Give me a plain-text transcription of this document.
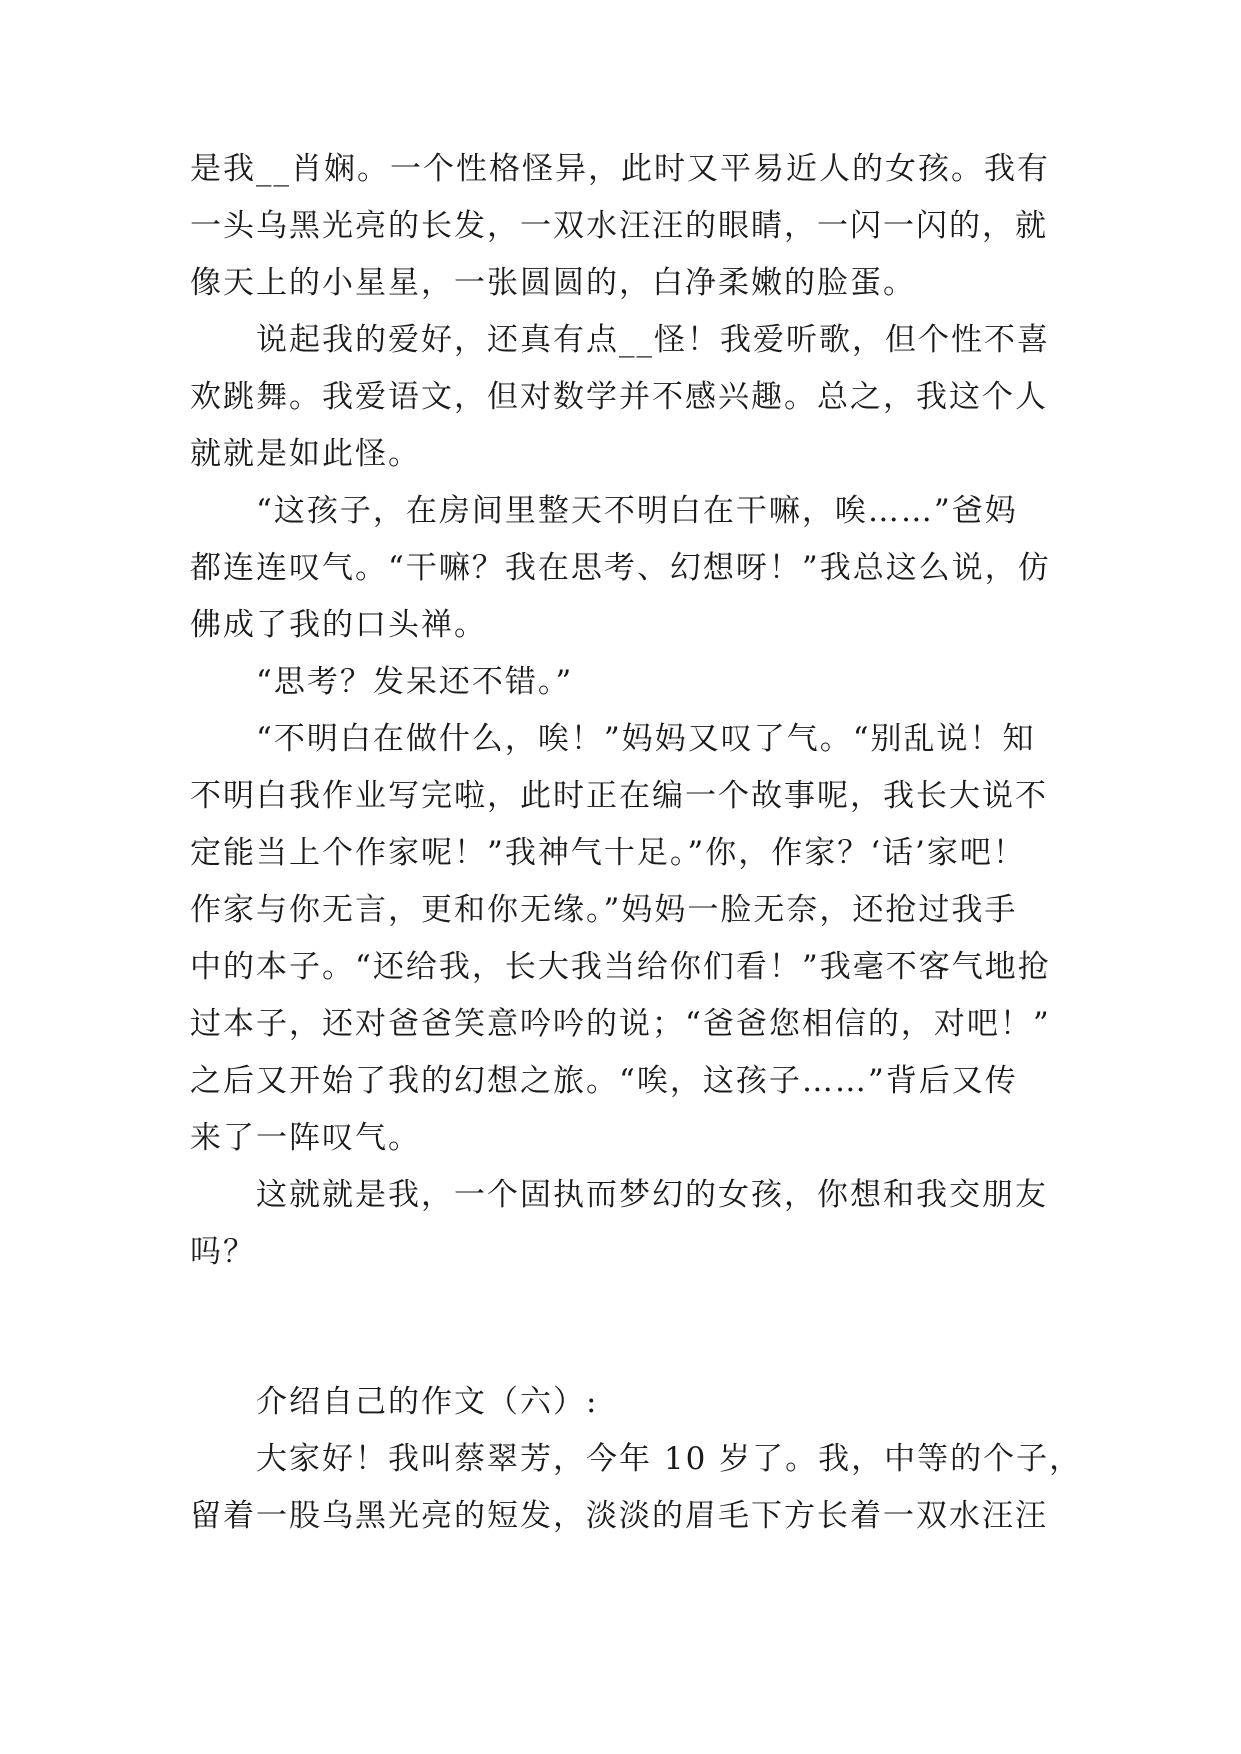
是我__肖娴。一个性格怪异，此时又平易近人的女孩。我有
一头乌黑光亮的长发，一双水汪汪的眼睛，一闪一闪的，就
像天上的小星星，一张圆圆的，白净柔嫩的脸蛋。
说起我的爱好，还真有点__怪！我爱听歌，但个性不喜
欢跳舞。我爱语文，但对数学并不感兴趣。总之，我这个人
就就是如此怪。
“这孩子，在房间里整天不明白在干嘛，唉……”爸妈
都连连叹气。“干嘛？我在思考、幻想呀！”我总这么说，仿
佛成了我的口头禅。
“思考？发呆还不错。”
“不明白在做什么，唉！”妈妈又叹了气。“别乱说！知
不明白我作业写完啦，此时正在编一个故事呢，我长大说不
定能当上个作家呢！”我神气十足。”你，作家？‘话’家吧！
作家与你无言，更和你无缘。”妈妈一脸无奈，还抢过我手
中的本子。“还给我，长大我当给你们看！”我毫不客气地抢
过本子，还对爸爸笑意吟吟的说；“爸爸您相信的，对吧！”
之后又开始了我的幻想之旅。“唉，这孩子……”背后又传
来了一阵叹气。
这就就是我，一个固执而梦幻的女孩，你想和我交朋友
吗？
介绍自己的作文（六）:
大家好！我叫蔡翠芳，今年 10 岁了。我，中等的个子，
留着一股乌黑光亮的短发，淡淡的眉毛下方长着一双水汪汪
